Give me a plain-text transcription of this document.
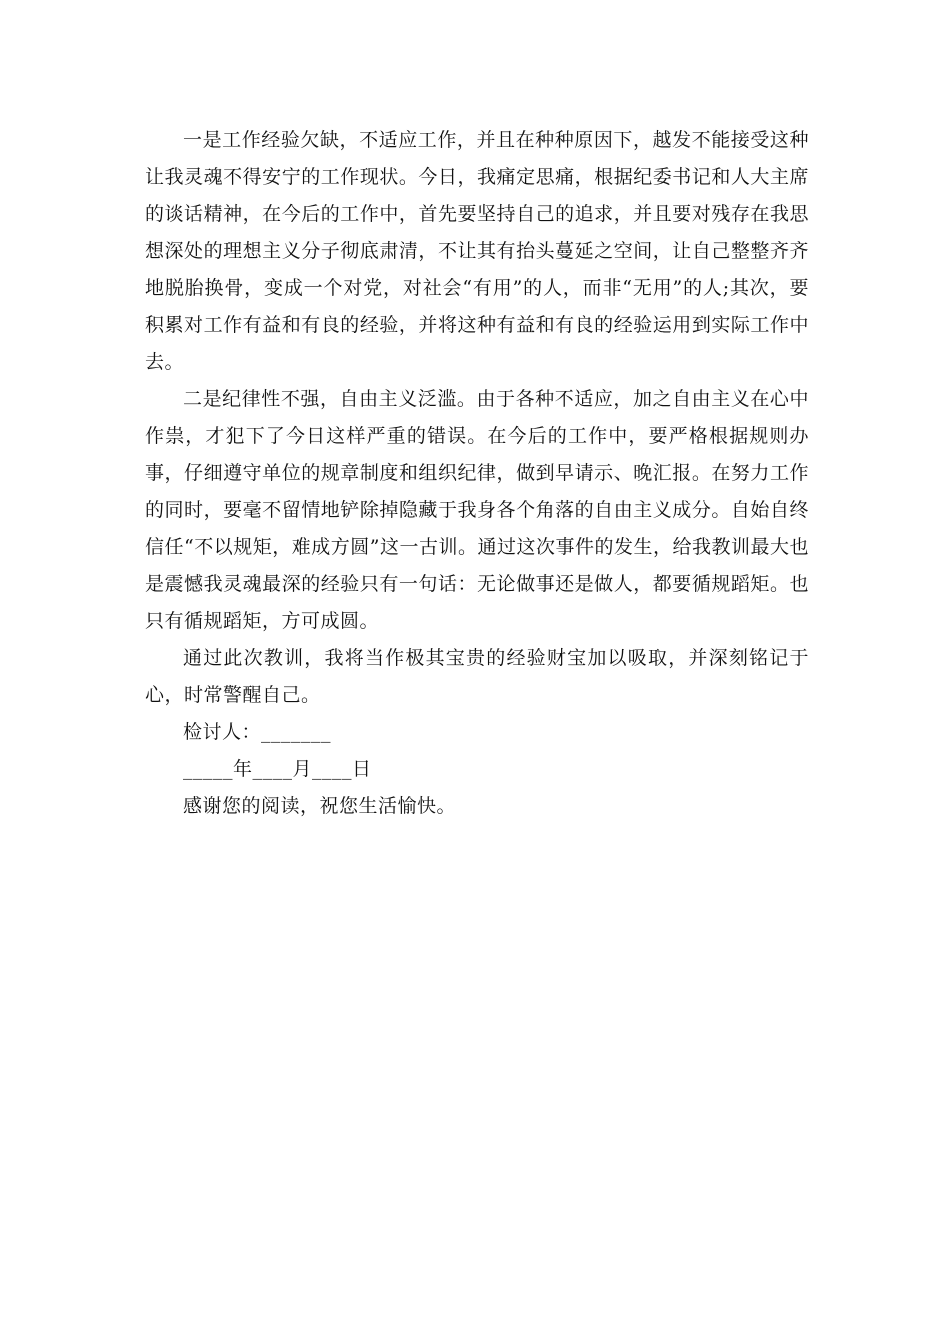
一是工作经验欠缺，不适应工作，并且在种种原因下，越发不能接受这种让我灵魂不得安宁的工作现状。今日，我痛定思痛，根据纪委书记和人大主席的谈话精神，在今后的工作中，首先要坚持自己的追求，并且要对残存在我思想深处的理想主义分子彻底肃清，不让其有抬头蔓延之空间，让自己整整齐齐地脱胎换骨，变成一个对党，对社会“有用”的人，而非“无用”的人;其次，要积累对工作有益和有良的经验，并将这种有益和有良的经验运用到实际工作中去。

二是纪律性不强，自由主义泛滥。由于各种不适应，加之自由主义在心中作祟，才犯下了今日这样严重的错误。在今后的工作中，要严格根据规则办事，仔细遵守单位的规章制度和组织纪律，做到早请示、晚汇报。在努力工作的同时，要毫不留情地铲除掉隐藏于我身各个角落的自由主义成分。自始自终信任“不以规矩，难成方圆”这一古训。通过这次事件的发生，给我教训最大也是震憾我灵魂最深的经验只有一句话：无论做事还是做人，都要循规蹈矩。也只有循规蹈矩，方可成圆。

通过此次教训，我将当作极其宝贵的经验财宝加以吸取，并深刻铭记于心，时常警醒自己。

检讨人：_______

_____年____月____日

感谢您的阅读，祝您生活愉快。
